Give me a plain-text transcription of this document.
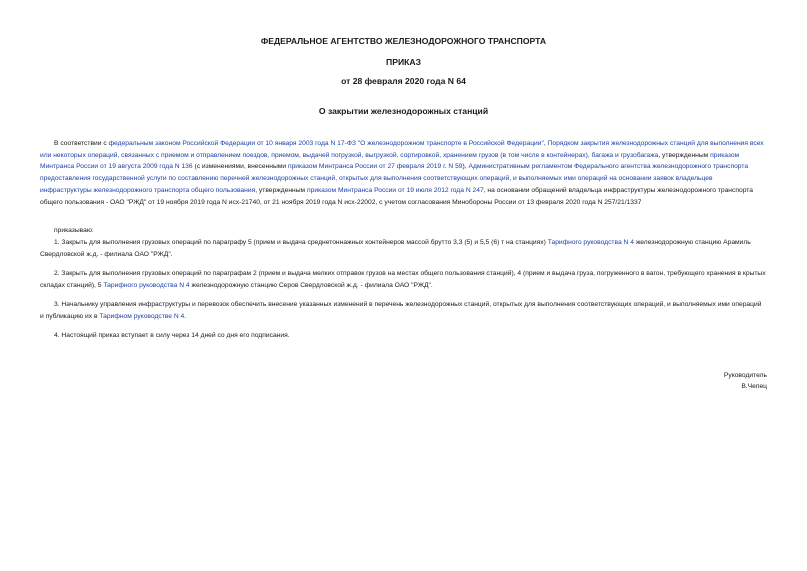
ФЕДЕРАЛЬНОЕ АГЕНТСТВО ЖЕЛЕЗНОДОРОЖНОГО ТРАНСПОРТА
ПРИКАЗ
от 28 февраля 2020 года N 64
О закрытии железнодорожных станций
В соответствии с федеральным законом Российской Федерации от 10 января 2003 года N 17-ФЗ "О железнодорожном транспорте в Российской Федерации", Порядком закрытия железнодорожных станций для выполнения всех или некоторых операций, связанных с приемом и отправлением поездов, приемом, выдачей погрузкой, выгрузкой, сортировкой, хранением грузов (в том числе в контейнерах), багажа и грузобагажа, утвержденным приказом Минтранса России от 19 августа 2009 года N 136 (с изменениями, внесенными приказом Минтранса России от 27 февраля 2019 г. N 59), Административным регламентом Федерального агентства железнодорожного транспорта предоставления государственной услуги по составлению перечней железнодорожных станций, открытых для выполнения соответствующих операций, и выполняемых ими операций на основании заявок владельцев инфраструктуры железнодорожного транспорта общего пользования, утвержденным приказом Минтранса России от 19 июля 2012 года N 247, на основании обращений владельца инфраструктуры железнодорожного транспорта общего пользования - ОАО "РЖД" от 19 ноября 2019 года N исх-21740, от 21 ноября 2019 года N исх-22002, с учетом согласования Минобороны России от 13 февраля 2020 года N 257/21/1337
приказываю:
1. Закрыть для выполнения грузовых операций по параграфу 5 (прием и выдача среднетоннажных контейнеров массой брутто 3,3 (5) и 5,5 (6) т на станциях) Тарифного руководства N 4 железнодорожную станцию Арамиль Свердловской ж.д. - филиала ОАО "РЖД".
2. Закрыть для выполнения грузовых операций по параграфам 2 (прием и выдача мелких отправок грузов на местах общего пользования станций), 4 (прием и выдача груза, погруженного в вагон, требующего хранения в крытых складах станций), 5 Тарифного руководства N 4 железнодорожную станцию Серов Свердловской ж.д. - филиала ОАО "РЖД".
3. Начальнику управления инфраструктуры и перевозок обеспечить внесение указанных изменений в перечень железнодорожных станций, открытых для выполнения соответствующих операций, и выполняемых ими операций и публикацию их в Тарифном руководстве N 4.
4. Настоящий приказ вступает в силу через 14 дней со дня его подписания.
Руководитель
В.Чепец
